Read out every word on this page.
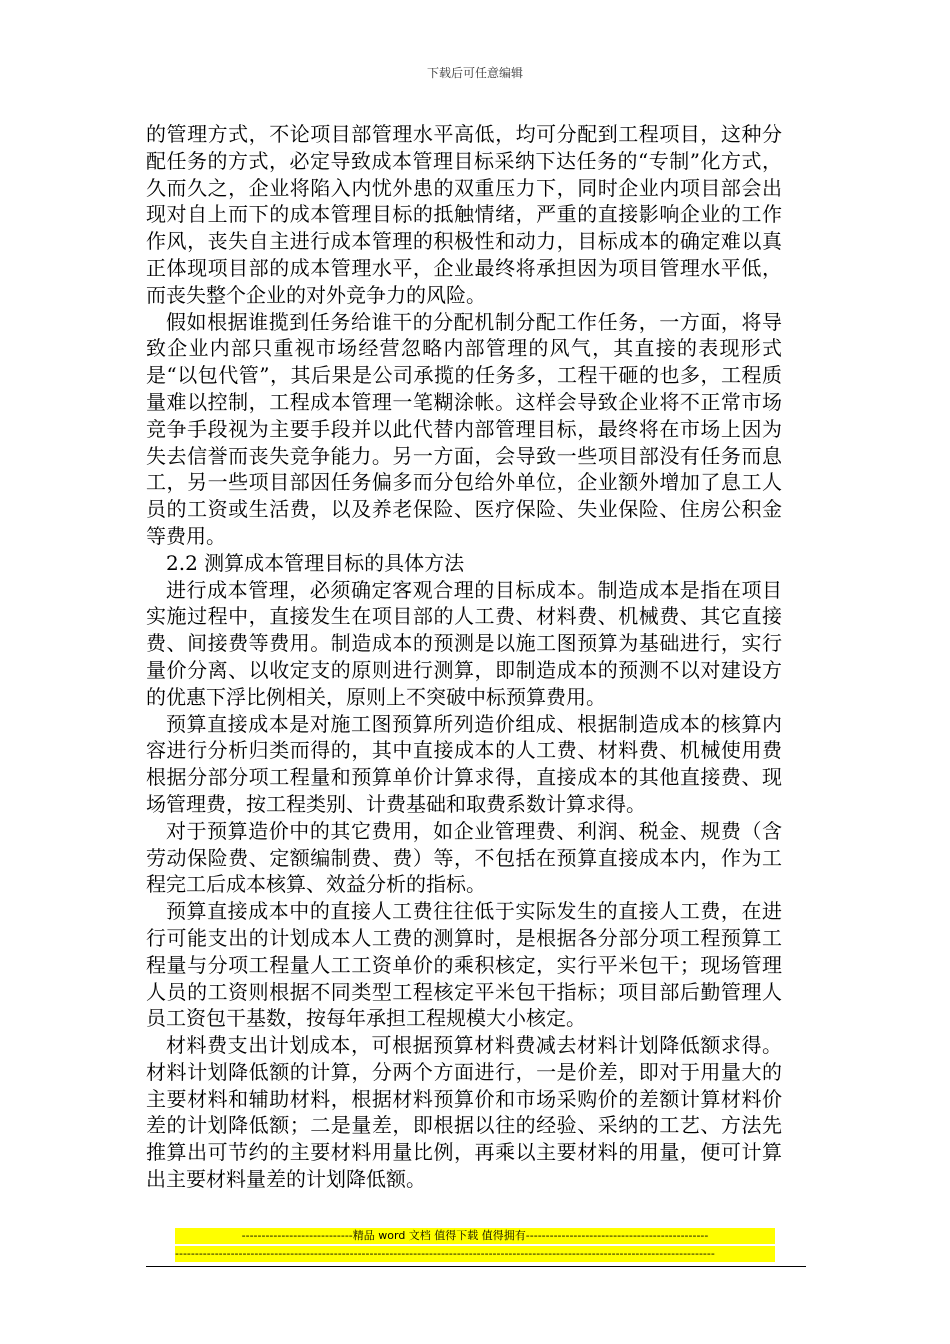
下载后可任意编辑

的管理方式，不论项目部管理水平高低，均可分配到工程项目，这种分配任务的方式，必定导致成本管理目标采纳下达任务的“专制”化方式，久而久之，企业将陷入内忧外患的双重压力下，同时企业内项目部会出现对自上而下的成本管理目标的抵触情绪，严重的直接影响企业的工作作风，丧失自主进行成本管理的积极性和动力，目标成本的确定难以真正体现项目部的成本管理水平，企业最终将承担因为项目管理水平低，而丧失整个企业的对外竞争力的风险。

假如根据谁揽到任务给谁干的分配机制分配工作任务，一方面，将导致企业内部只重视市场经营忽略内部管理的风气，其直接的表现形式是“以包代管”，其后果是公司承揽的任务多，工程干砸的也多，工程质量难以控制，工程成本管理一笔糊涂帐。这样会导致企业将不正常市场竞争手段视为主要手段并以此代替内部管理目标，最终将在市场上因为失去信誉而丧失竞争能力。另一方面，会导致一些项目部没有任务而息工，另一些项目部因任务偏多而分包给外单位，企业额外增加了息工人员的工资或生活费，以及养老保险、医疗保险、失业保险、住房公积金等费用。

2.2 测算成本管理目标的具体方法

进行成本管理，必须确定客观合理的目标成本。制造成本是指在项目实施过程中，直接发生在项目部的人工费、材料费、机械费、其它直接费、间接费等费用。制造成本的预测是以施工图预算为基础进行，实行量价分离、以收定支的原则进行测算，即制造成本的预测不以对建设方的优惠下浮比例相关，原则上不突破中标预算费用。

预算直接成本是对施工图预算所列造价组成、根据制造成本的核算内容进行分析归类而得的，其中直接成本的人工费、材料费、机械使用费根据分部分项工程量和预算单价计算求得，直接成本的其他直接费、现场管理费，按工程类别、计费基础和取费系数计算求得。

对于预算造价中的其它费用，如企业管理费、利润、税金、规费（含劳动保险费、定额编制费、费）等，不包括在预算直接成本内，作为工程完工后成本核算、效益分析的指标。

预算直接成本中的直接人工费往往低于实际发生的直接人工费，在进行可能支出的计划成本人工费的测算时，是根据各分部分项工程预算工程量与分项工程量人工工资单价的乘积核定，实行平米包干；现场管理人员的工资则根据不同类型工程核定平米包干指标；项目部后勤管理人员工资包干基数，按每年承担工程规模大小核定。

材料费支出计划成本，可根据预算材料费减去材料计划降低额求得。材料计划降低额的计算，分两个方面进行，一是价差，即对于用量大的主要材料和辅助材料，根据材料预算价和市场采购价的差额计算材料价差的计划降低额；二是量差，即根据以往的经验、采纳的工艺、方法先推算出可节约的主要材料用量比例，再乘以主要材料的用量，便可计算出主要材料量差的计划降低额。

----------------------------精品 word 文档 值得下载 值得拥有----------------------------------------------
----------------------------------------------------------------------------------------------------------------------------------------
